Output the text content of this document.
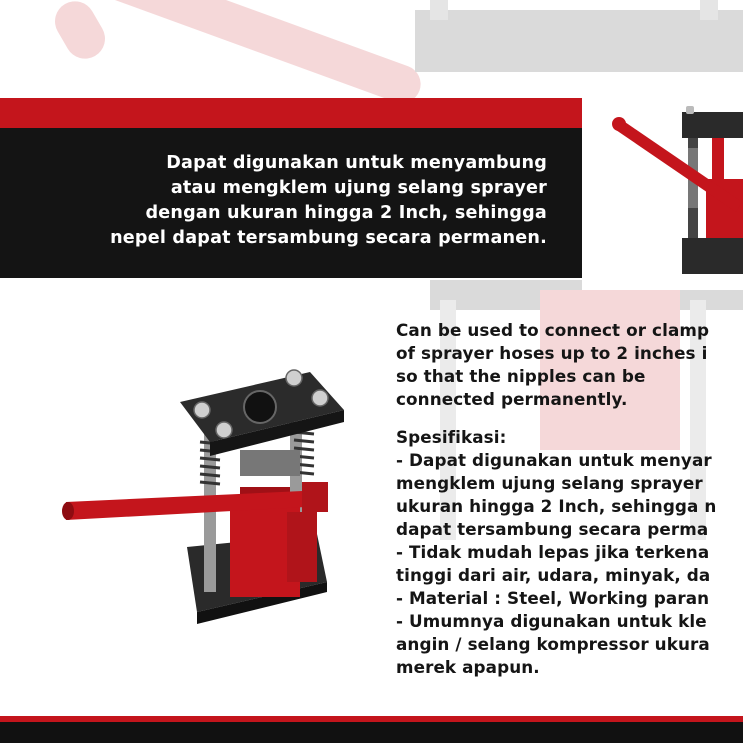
Dapat digunakan untuk menyambung
atau mengklem ujung selang sprayer
dengan ukuran hingga 2 Inch, sehingga
nepel dapat tersambung secara permanen.

Can be used to connect or clamp

of sprayer hoses up to 2 inches i

so that the nipples can be

connected permanently.

Spesifikasi:

- Dapat digunakan untuk menyar

mengklem ujung selang sprayer

ukuran hingga 2 Inch, sehingga n

dapat tersambung secara perma

- Tidak mudah lepas jika terkena

tinggi dari air, udara, minyak, da

- Material : Steel, Working paran

- Umumnya digunakan untuk kle

angin / selang kompressor ukura

merek apapun.
